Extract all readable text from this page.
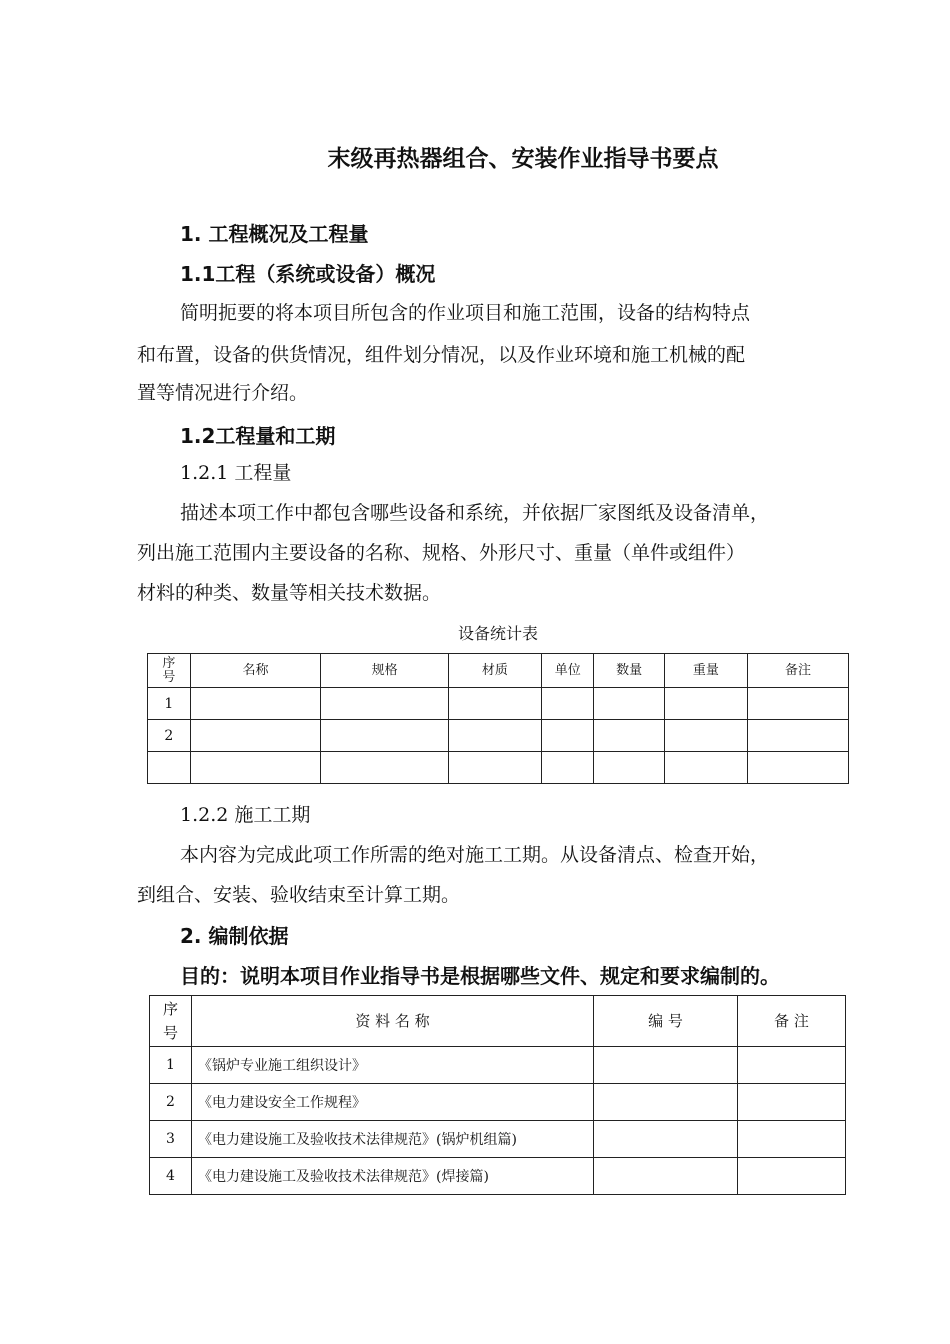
末级再热器组合、安装作业指导书要点
1. 工程概况及工程量
1.1工程（系统或设备）概况
简明扼要的将本项目所包含的作业项目和施工范围，设备的结构特点
和布置，设备的供货情况，组件划分情况，以及作业环境和施工机械的配
置等情况进行介绍。
1.2工程量和工期
1.2.1 工程量
描述本项工作中都包含哪些设备和系统，并依据厂家图纸及设备清单，
列出施工范围内主要设备的名称、规格、外形尺寸、重量（单件或组件）
材料的种类、数量等相关技术数据。
设备统计表
序号	名称	规格	材质	单位	数量	重量	备注
1							
2							

1.2.2 施工工期
本内容为完成此项工作所需的绝对施工工期。从设备清点、检查开始，
到组合、安装、验收结束至计算工期。
2. 编制依据
目的：说明本项目作业指导书是根据哪些文件、规定和要求编制的。
序号	资 料 名 称	编 号	备 注
1	《锅炉专业施工组织设计》		
2	《电力建设安全工作规程》		
3	《电力建设施工及验收技术法律规范》(锅炉机组篇)		
4	《电力建设施工及验收技术法律规范》(焊接篇)		
